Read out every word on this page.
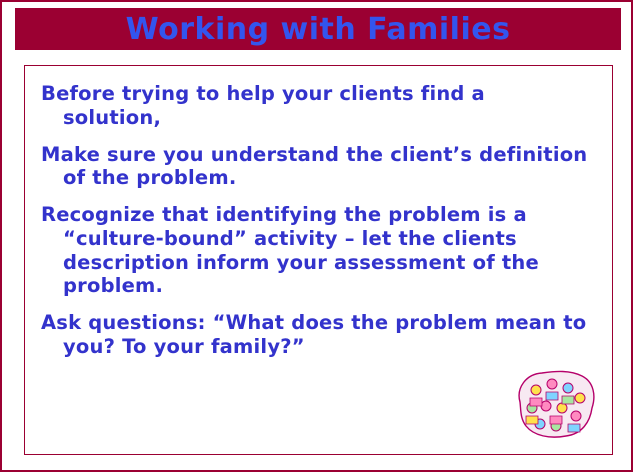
Working with Families

Before trying to help your clients find a
solution,

Make sure you understand the client’s definition
of the problem.

Recognize that identifying the problem is a
“culture-bound” activity – let the clients description inform your assessment of the problem.

Ask questions: “What does the problem mean to
you? To your family?”
